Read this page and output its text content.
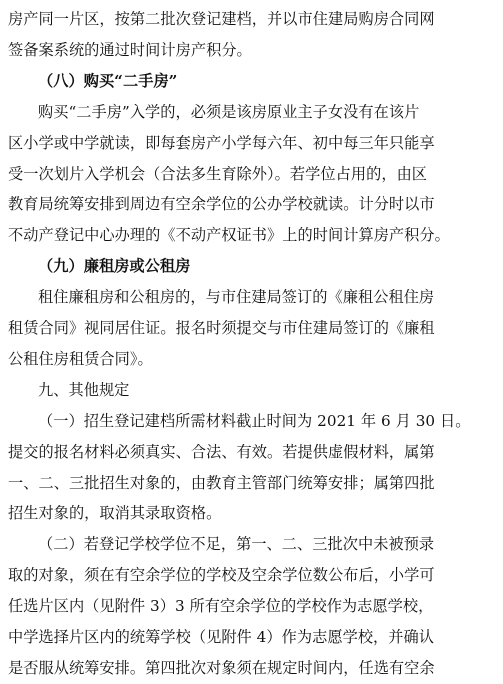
房产同一片区，按第二批次登记建档，并以市住建局购房合同网
签备案系统的通过时间计房产积分。
（八）购买“二手房”
购买“二手房”入学的，必须是该房原业主子女没有在该片
区小学或中学就读，即每套房产小学每六年、初中每三年只能享
受一次划片入学机会（合法多生育除外）。若学位占用的，由区
教育局统筹安排到周边有空余学位的公办学校就读。计分时以市
不动产登记中心办理的《不动产权证书》上的时间计算房产积分。
（九）廉租房或公租房
租住廉租房和公租房的，与市住建局签订的《廉租公租住房
租赁合同》视同居住证。报名时须提交与市住建局签订的《廉租
公租住房租赁合同》。
九、其他规定
（一）招生登记建档所需材料截止时间为 2021 年 6 月 30 日。
提交的报名材料必须真实、合法、有效。若提供虚假材料，属第
一、二、三批招生对象的，由教育主管部门统筹安排；属第四批
招生对象的，取消其录取资格。
（二）若登记学校学位不足，第一、二、三批次中未被预录
取的对象，须在有空余学位的学校及空余学位数公布后，小学可
任选片区内（见附件 3）3 所有空余学位的学校作为志愿学校，
中学选择片区内的统筹学校（见附件 4）作为志愿学校，并确认
是否服从统筹安排。第四批次对象须在规定时间内，任选有空余
